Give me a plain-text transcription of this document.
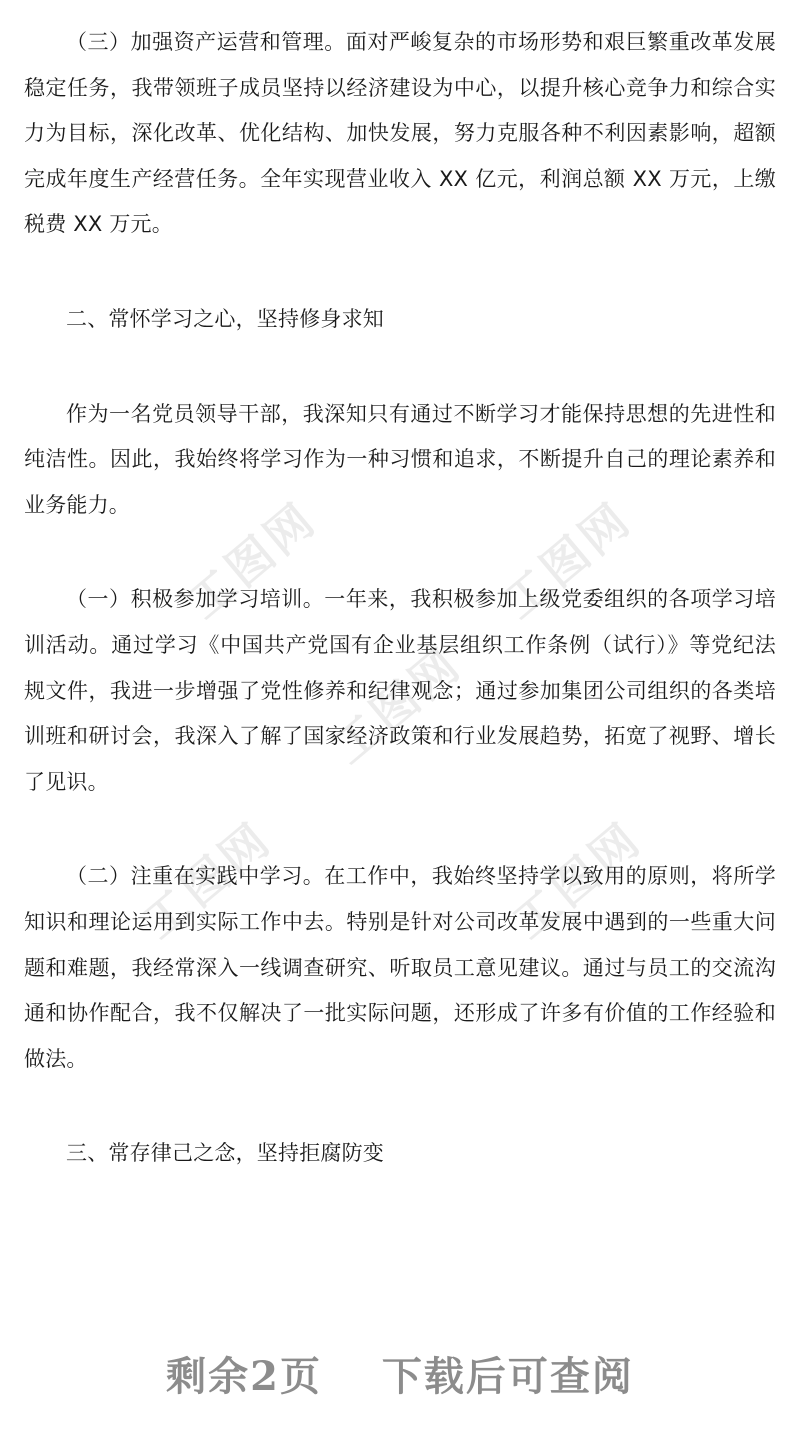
工图网	工图网
工图网
工图网	工图网

（三）加强资产运营和管理。面对严峻复杂的市场形势和艰巨繁重改革发展稳定任务，我带领班子成员坚持以经济建设为中心，以提升核心竞争力和综合实力为目标，深化改革、优化结构、加快发展，努力克服各种不利因素影响，超额完成年度生产经营任务。全年实现营业收入 XX 亿元，利润总额 XX 万元，上缴税费 XX 万元。

二、常怀学习之心，坚持修身求知

作为一名党员领导干部，我深知只有通过不断学习才能保持思想的先进性和纯洁性。因此，我始终将学习作为一种习惯和追求，不断提升自己的理论素养和业务能力。

（一）积极参加学习培训。一年来，我积极参加上级党委组织的各项学习培训活动。通过学习《中国共产党国有企业基层组织工作条例（试行）》等党纪法规文件，我进一步增强了党性修养和纪律观念；通过参加集团公司组织的各类培训班和研讨会，我深入了解了国家经济政策和行业发展趋势，拓宽了视野、增长了见识。

（二）注重在实践中学习。在工作中，我始终坚持学以致用的原则，将所学知识和理论运用到实际工作中去。特别是针对公司改革发展中遇到的一些重大问题和难题，我经常深入一线调查研究、听取员工意见建议。通过与员工的交流沟通和协作配合，我不仅解决了一批实际问题，还形成了许多有价值的工作经验和做法。

三、常存律己之念，坚持拒腐防变

剩余2页 下载后可查阅
